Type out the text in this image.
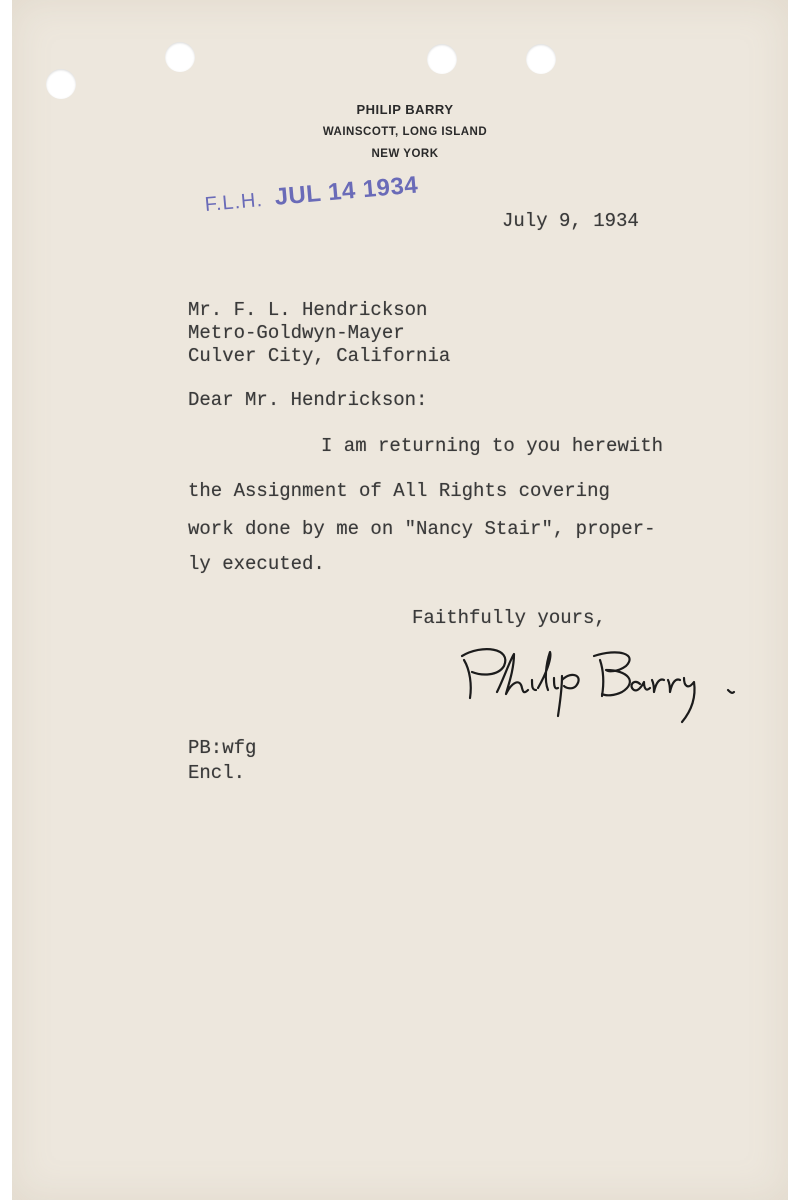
PHILIP BARRY
WAINSCOTT, LONG ISLAND
NEW YORK
F.L.H. JUL 14 1934
July 9, 1934
Mr. F. L. Hendrickson
Metro-Goldwyn-Mayer
Culver City, California
Dear Mr. Hendrickson:
I am returning to you herewith
the Assignment of All Rights covering
work done by me on "Nancy Stair", proper-
ly executed.
Faithfully yours,
PB:wfg
Encl.
